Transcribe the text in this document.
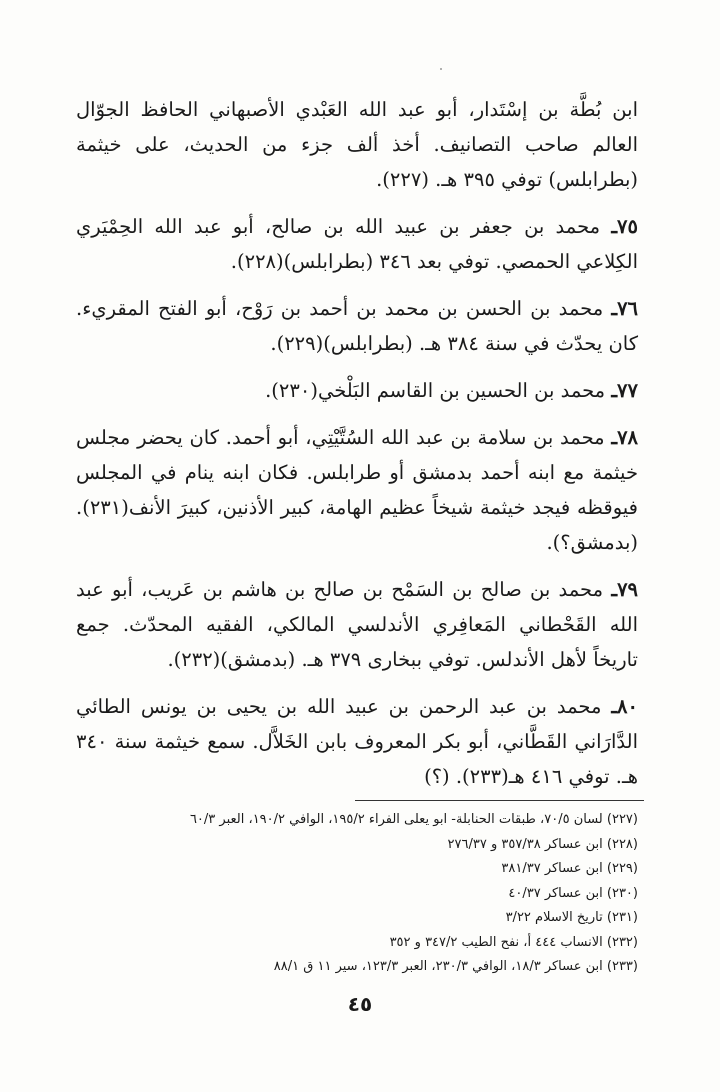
ابن بُطَّة بن إسْتَدار، أبو عبد الله العَبْدي الأصبهاني الحافظ الجوّال العالم صاحب التصانيف. أخذ ألف جزء من الحديث، على خيثمة (بطرابلس) توفي ٣٩٥ هـ. (٢٢٧).

٧٥ـ محمد بن جعفر بن عبيد الله بن صالح، أبو عبد الله الحِمْيَري الكِلاعي الحمصي. توفي بعد ٣٤٦ (بطرابلس)(٢٢٨).

٧٦ـ محمد بن الحسن بن محمد بن أحمد بن رَوْح، أبو الفتح المقريء. كان يحدّث في سنة ٣٨٤ هـ. (بطرابلس)(٢٢٩).

٧٧ـ محمد بن الحسين بن القاسم البَلْخي(٢٣٠).

٧٨ـ محمد بن سلامة بن عبد الله السُتَّيْتِي، أبو أحمد. كان يحضر مجلس خيثمة مع ابنه أحمد بدمشق أو طرابلس. فكان ابنه ينام في المجلس فيوقظه فيجد خيثمة شيخاً عظيم الهامة، كبير الأذنين، كبيرَ الأنف(٢٣١). (بدمشق؟).

٧٩ـ محمد بن صالح بن السَمْح بن صالح بن هاشم بن عَريب، أبو عبد الله القَحْطاني المَعافِري الأندلسي المالكي، الفقيه المحدّث. جمع تاريخاً لأهل الأندلس. توفي ببخارى ٣٧٩ هـ. (بدمشق)(٢٣٢).

٨٠ـ محمد بن عبد الرحمن بن عبيد الله بن يحيى بن يونس الطائي الدَّارَاني القَطَّاني، أبو بكر المعروف بابن الخَلاَّل. سمع خيثمة سنة ٣٤٠ هـ. توفي ٤١٦ هـ(٢٣٣). (؟)

(٢٢٧) لسان ٧٠/٥، طبقات الحنابلة- ابو يعلى الفراء ١٩٥/٢، الوافي ١٩٠/٢، العبر ٦٠/٣
(٢٢٨) ابن عساكر ٣٥٧/٣٨ و ٢٧٦/٣٧
(٢٢٩) ابن عساكر ٣٨١/٣٧
(٢٣٠) ابن عساكر ٤٠/٣٧
(٢٣١) تاريخ الاسلام ٣/٢٢
(٢٣٢) الانساب ٤٤٤ أ، نفح الطيب ٣٤٧/٢ و ٣٥٢
(٢٣٣) ابن عساكر ١٨/٣، الوافي ٢٣٠/٣، العبر ١٢٣/٣، سير ١١ ق ٨٨/١
٤٥
